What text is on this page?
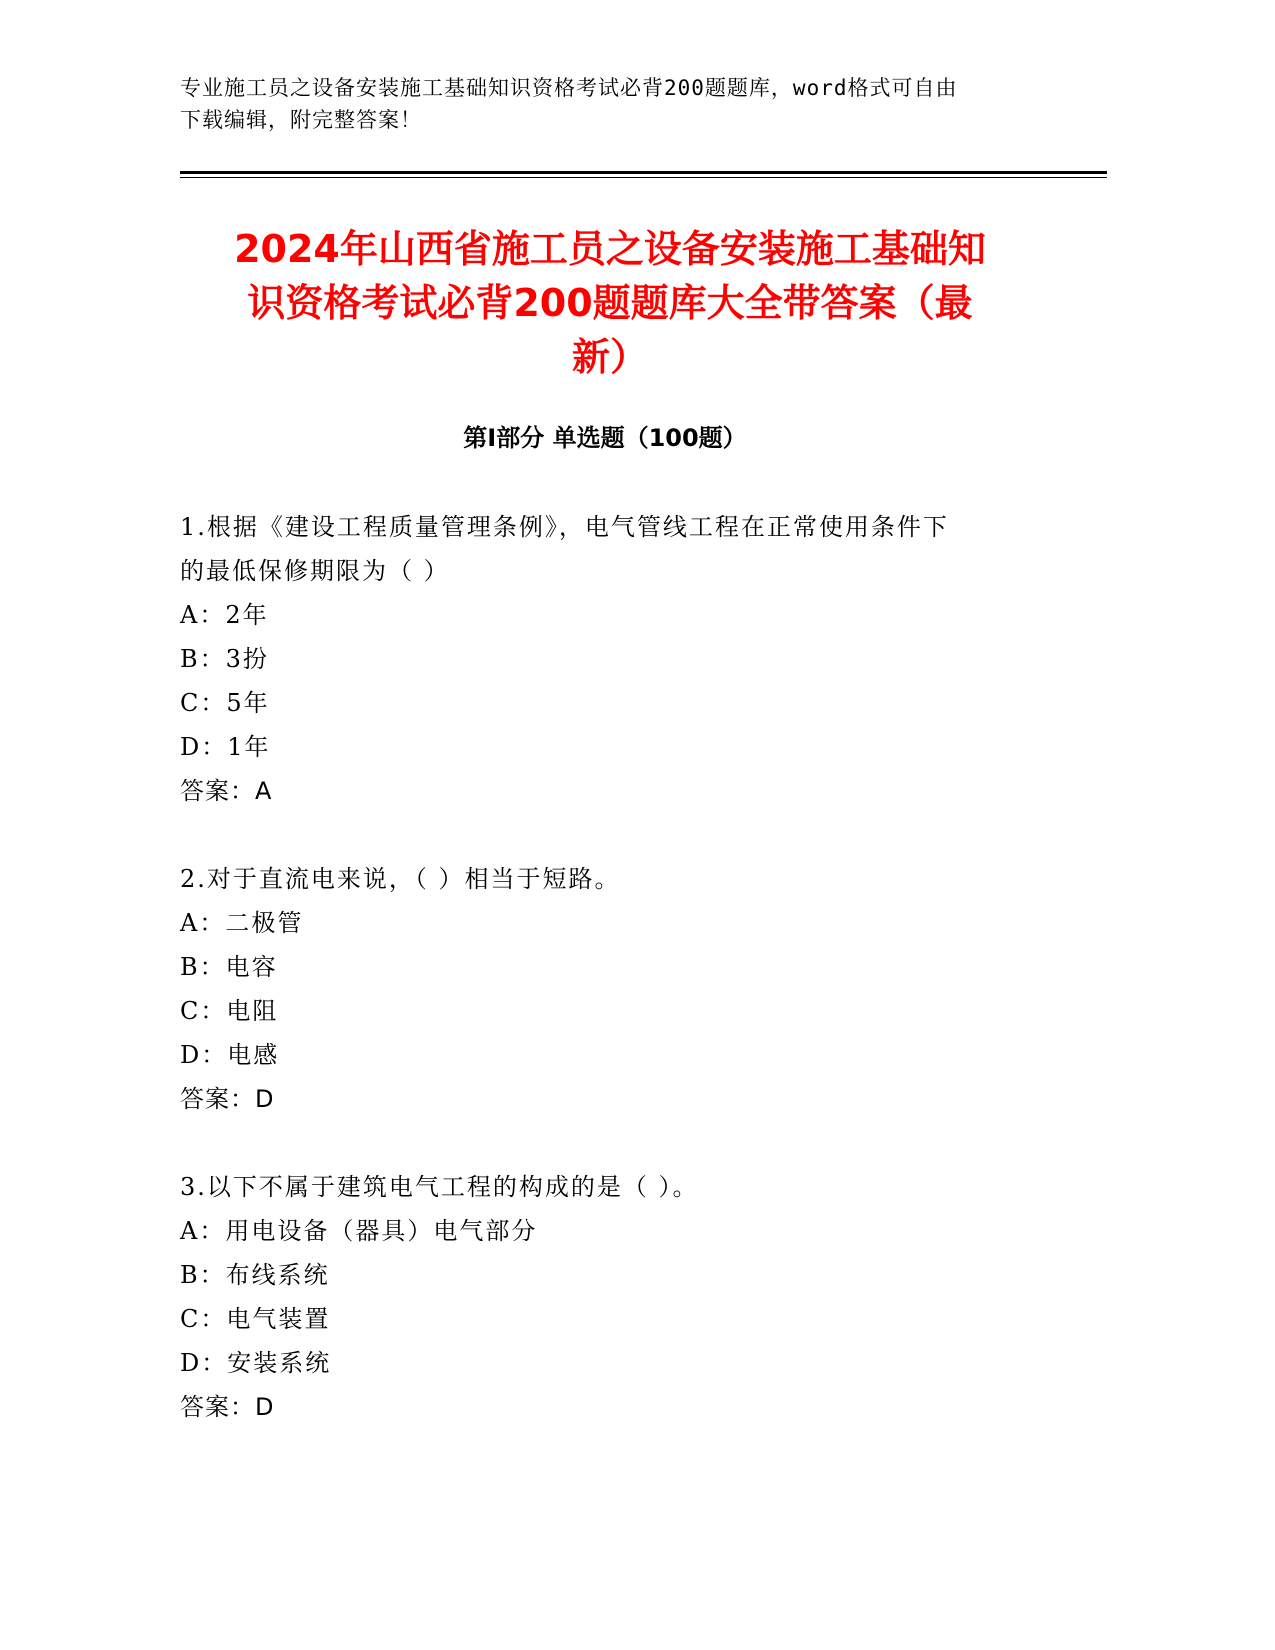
专业施工员之设备安装施工基础知识资格考试必背200题题库，word格式可自由
下载编辑，附完整答案！
2024年山西省施工员之设备安装施工基础知
识资格考试必背200题题库大全带答案（最
新）
第Ⅰ部分 单选题（100题）
1.根据《建设工程质量管理条例》，电气管线工程在正常使用条件下
的最低保修期限为（ ）
A：2年
B：3扮
C：5年
D：1年
答案：A
2.对于直流电来说，（ ）相当于短路。
A：二极管
B：电容
C：电阻
D：电感
答案：D
3.以下不属于建筑电气工程的构成的是（ ）。
A：用电设备（器具）电气部分
B：布线系统
C：电气装置
D：安装系统
答案：D
